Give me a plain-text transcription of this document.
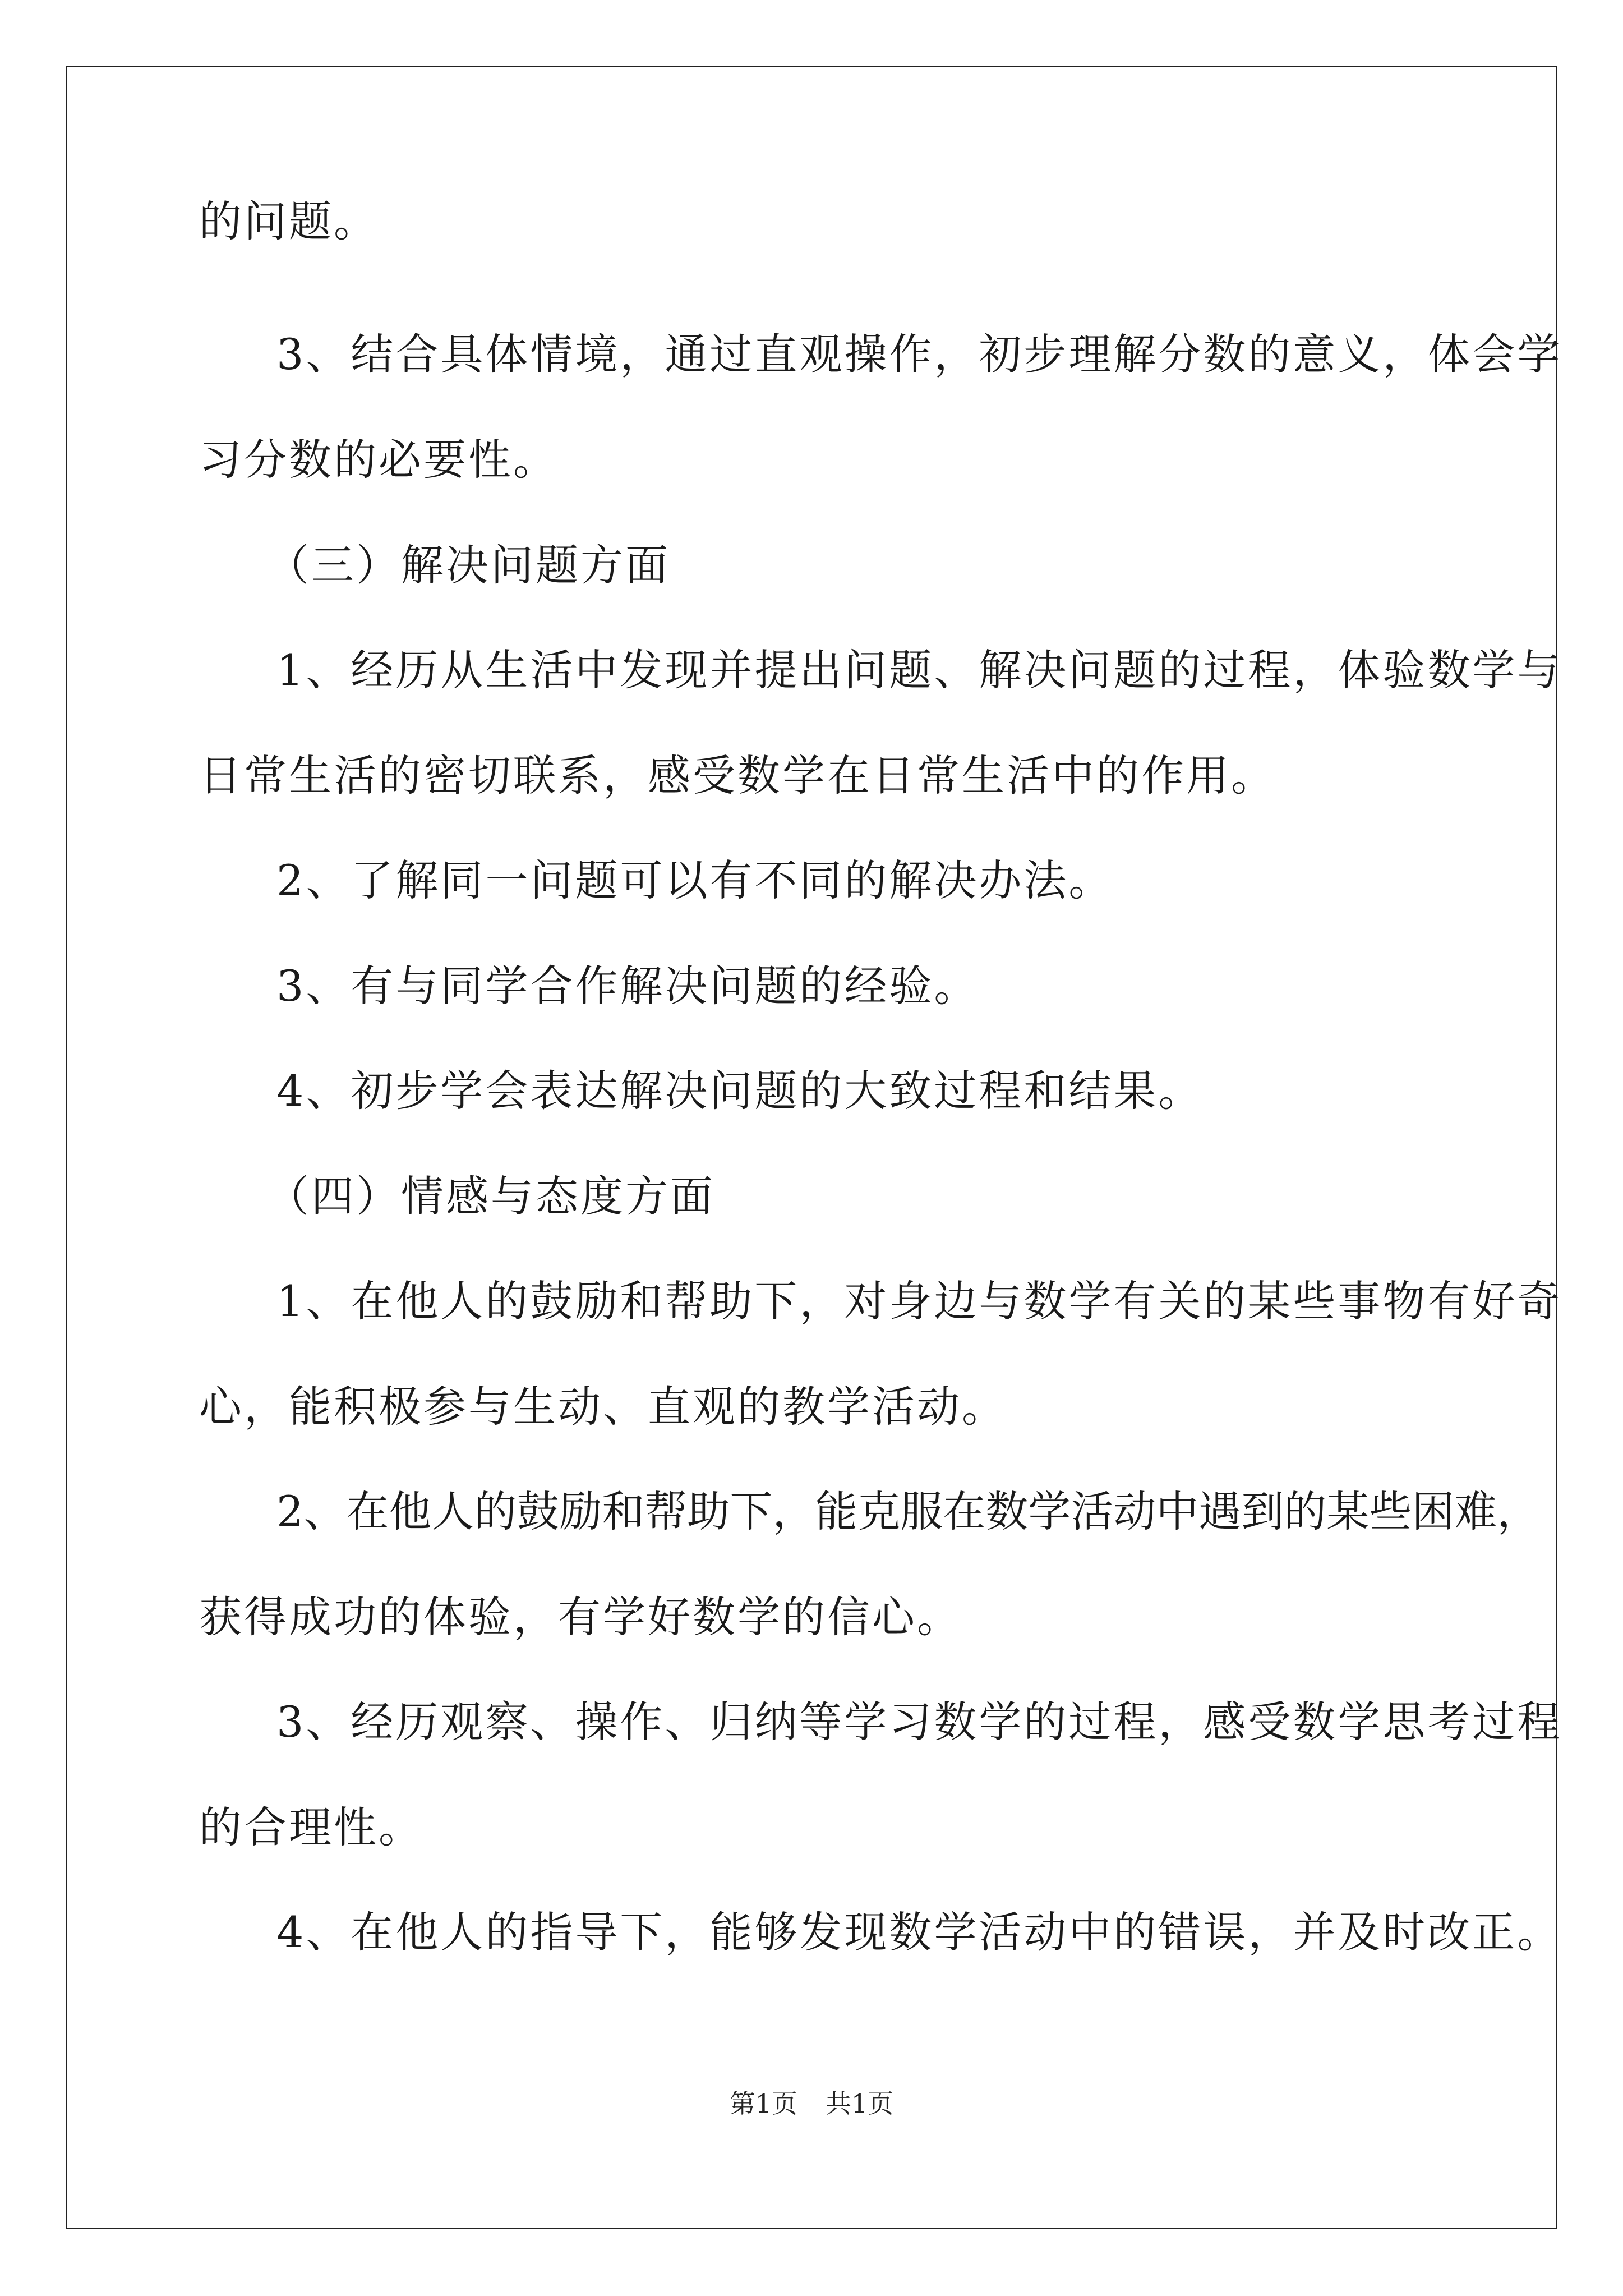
的问题。
3、结合具体情境，通过直观操作，初步理解分数的意义，体会学
习分数的必要性。
（三）解决问题方面
1、经历从生活中发现并提出问题、解决问题的过程，体验数学与
日常生活的密切联系，感受数学在日常生活中的作用。
2、了解同一问题可以有不同的解决办法。
3、有与同学合作解决问题的经验。
4、初步学会表达解决问题的大致过程和结果。
（四）情感与态度方面
1、在他人的鼓励和帮助下，对身边与数学有关的某些事物有好奇
心，能积极参与生动、直观的教学活动。
2、在他人的鼓励和帮助下，能克服在数学活动中遇到的某些困难，
获得成功的体验，有学好数学的信心。
3、经历观察、操作、归纳等学习数学的过程，感受数学思考过程
的合理性。
4、在他人的指导下，能够发现数学活动中的错误，并及时改正。
第1页 共1页
